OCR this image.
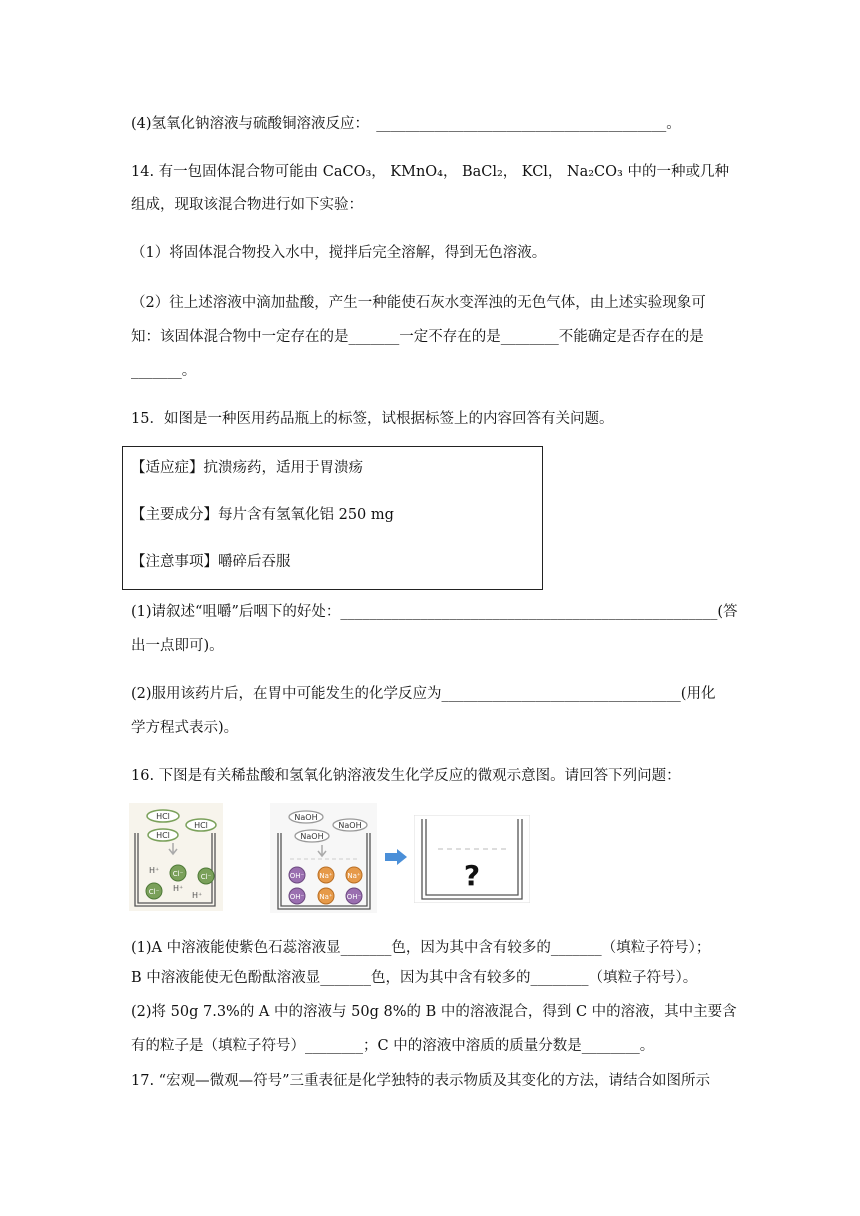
(4)氢氧化钠溶液与硫酸铜溶液反应：　________________________________________。
14. 有一包固体混合物可能由 CaCO₃， KMnO₄， BaCl₂， KCl， Na₂CO₃ 中的一种或几种
组成，现取该混合物进行如下实验：
（1）将固体混合物投入水中，搅拌后完全溶解，得到无色溶液。
（2）往上述溶液中滴加盐酸，产生一种能使石灰水变浑浊的无色气体，由上述实验现象可
知：该固体混合物中一定存在的是_______一定不存在的是________不能确定是否存在的是
_______。
15．如图是一种医用药品瓶上的标签，试根据标签上的内容回答有关问题。
【适应症】抗溃疡药，适用于胃溃疡
【主要成分】每片含有氢氧化铝 250 mg
【注意事项】嚼碎后吞服
(1)请叙述“咀嚼”后咽下的好处：____________________________________________________(答
出一点即可)。
(2)服用该药片后，在胃中可能发生的化学反应为_________________________________(用化
学方程式表示)。
16. 下图是有关稀盐酸和氢氧化钠溶液发生化学反应的微观示意图。请回答下列问题：
HCl
HCl
HCl
H⁺ Cl⁻ Cl⁻
Cl⁻ H⁺
H⁺
NaOH
NaOH
NaOH
OH⁻ Na⁺ Na⁺
OH⁻ Na⁺ OH⁻
?
(1)A 中溶液能使紫色石蕊溶液显_______色，因为其中含有较多的_______（填粒子符号）；
B 中溶液能使无色酚酞溶液显_______色，因为其中含有较多的________（填粒子符号）。
(2)将 50g 7.3%的 A 中的溶液与 50g 8%的 B 中的溶液混合，得到 C 中的溶液，其中主要含
有的粒子是（填粒子符号）________；C 中的溶液中溶质的质量分数是________。
17. “宏观—微观—符号”三重表征是化学独特的表示物质及其变化的方法，请结合如图所示
